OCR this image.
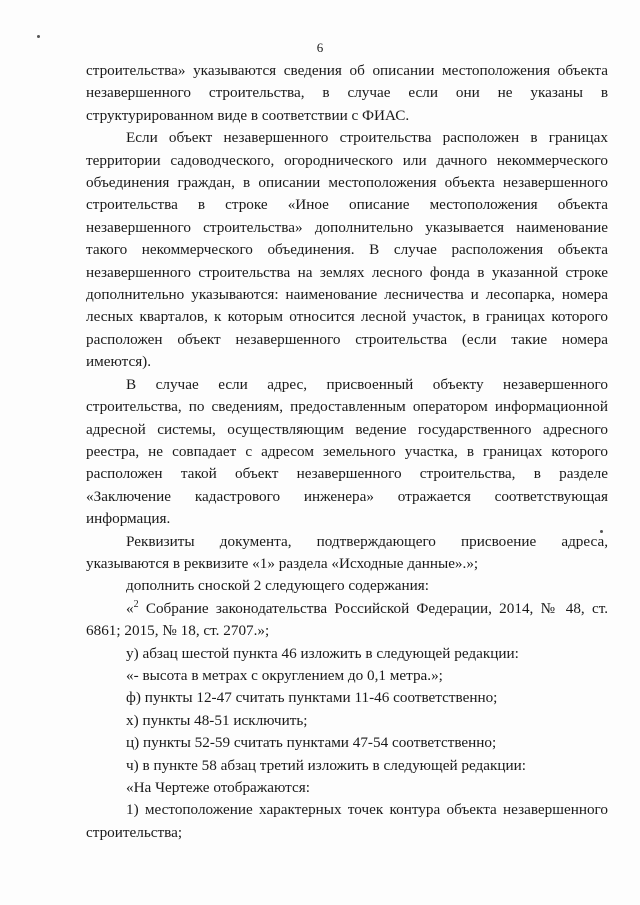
6

строительства» указываются сведения об описании местоположения объекта незавершенного строительства, в случае если они не указаны в структурированном виде в соответствии с ФИАС.

Если объект незавершенного строительства расположен в границах территории садоводческого, огороднического или дачного некоммерческого объединения граждан, в описании местоположения объекта незавершенного строительства в строке «Иное описание местоположения объекта незавершенного строительства» дополнительно указывается наименование такого некоммерческого объединения. В случае расположения объекта незавершенного строительства на землях лесного фонда в указанной строке дополнительно указываются: наименование лесничества и лесопарка, номера лесных кварталов, к которым относится лесной участок, в границах которого расположен объект незавершенного строительства (если такие номера имеются).

В случае если адрес, присвоенный объекту незавершенного строительства, по сведениям, предоставленным оператором информационной адресной системы, осуществляющим ведение государственного адресного реестра, не совпадает с адресом земельного участка, в границах которого расположен такой объект незавершенного строительства, в разделе «Заключение кадастрового инженера» отражается соответствующая информация.

Реквизиты документа, подтверждающего присвоение адреса, указываются в реквизите «1» раздела «Исходные данные».»;

дополнить сноской 2 следующего содержания:

«$^2$ Собрание законодательства Российской Федерации, 2014, № 48, ст. 6861; 2015, № 18, ст. 2707.»;

у) абзац шестой пункта 46 изложить в следующей редакции:

«- высота в метрах с округлением до 0,1 метра.»;

ф) пункты 12-47 считать пунктами 11-46 соответственно;

х) пункты 48-51 исключить;

ц) пункты 52-59 считать пунктами 47-54 соответственно;

ч) в пункте 58 абзац третий изложить в следующей редакции:

«На Чертеже отображаются:

1) местоположение характерных точек контура объекта незавершенного строительства;
